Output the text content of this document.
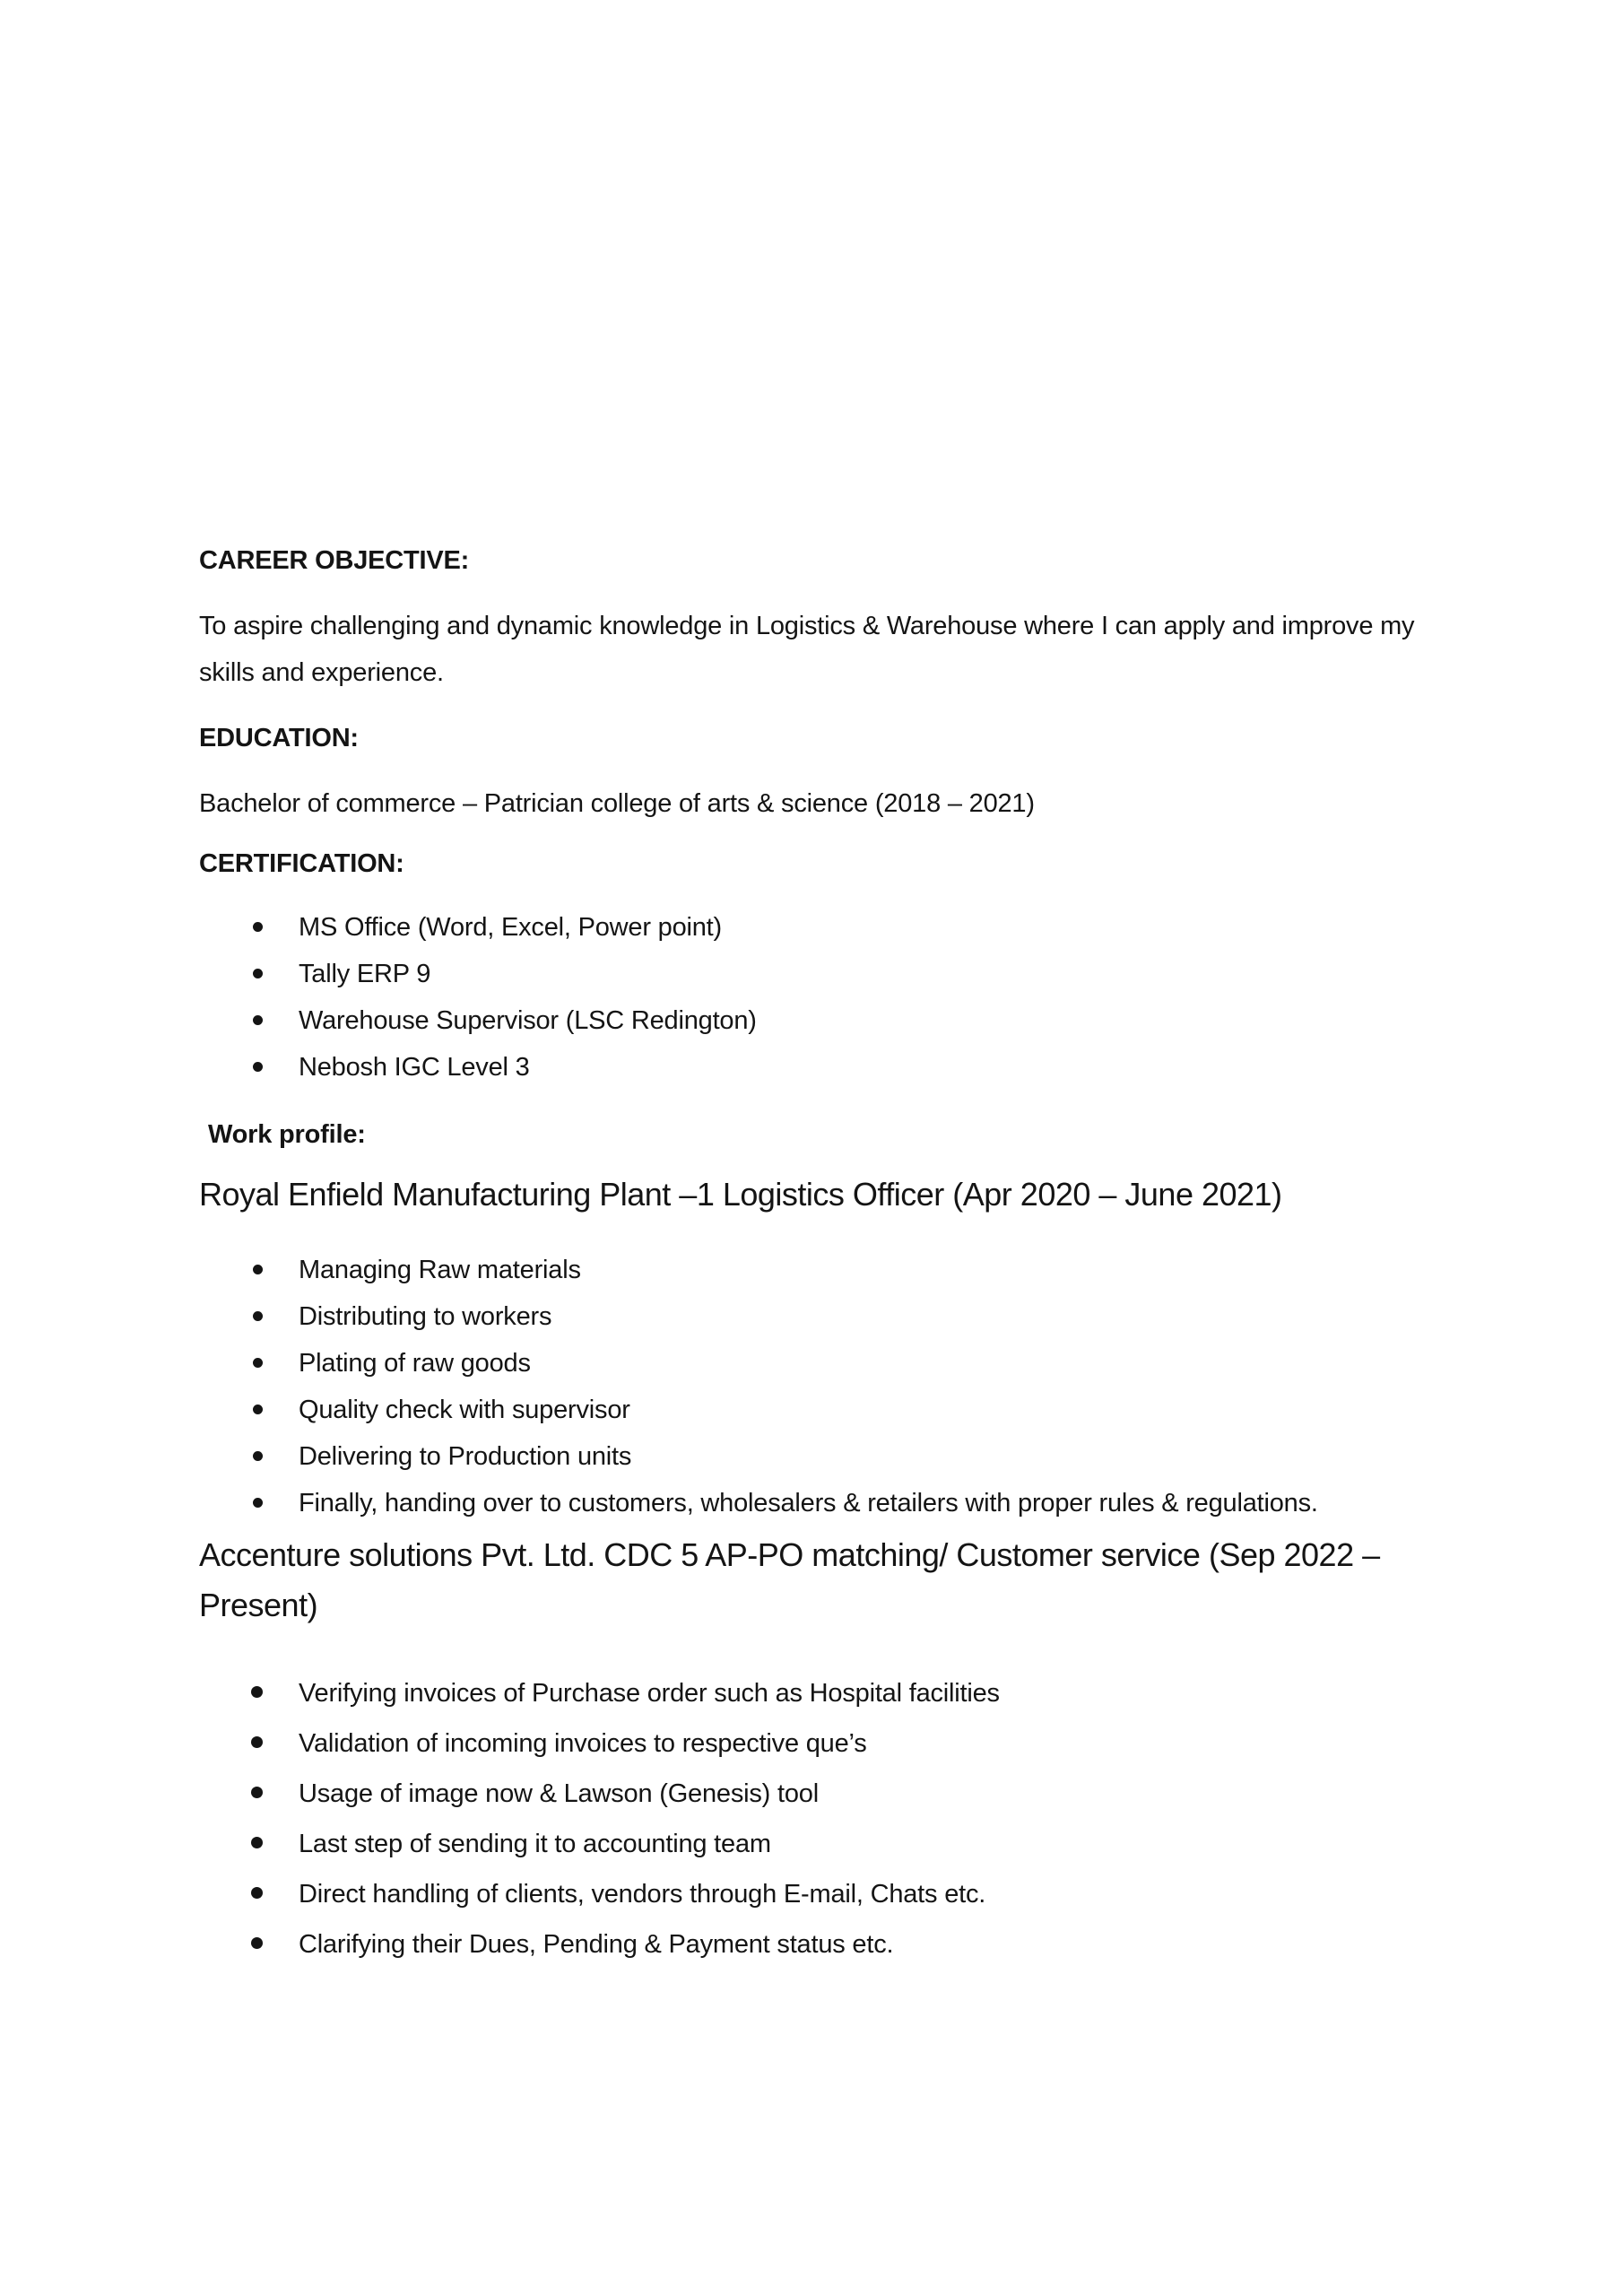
CAREER OBJECTIVE:

To aspire challenging and dynamic knowledge in Logistics & Warehouse where I can apply and improve my skills and experience.

EDUCATION:

Bachelor of commerce – Patrician college of arts & science (2018 – 2021)

CERTIFICATION:
MS Office (Word, Excel, Power point)
Tally ERP 9
Warehouse Supervisor (LSC Redington)
Nebosh IGC Level 3
Work profile:
Royal Enfield Manufacturing Plant –1 Logistics Officer (Apr 2020 – June 2021)
Managing Raw materials
Distributing to workers
Plating of raw goods
Quality check with supervisor
Delivering to Production units
Finally, handing over to customers, wholesalers & retailers with proper rules & regulations.
Accenture solutions Pvt. Ltd. CDC 5 AP-PO matching/ Customer service (Sep 2022 – Present)
Verifying invoices of Purchase order such as Hospital facilities
Validation of incoming invoices to respective que’s
Usage of image now & Lawson (Genesis) tool
Last step of sending it to accounting team
Direct handling of clients, vendors through E-mail, Chats etc.
Clarifying their Dues, Pending & Payment status etc.
